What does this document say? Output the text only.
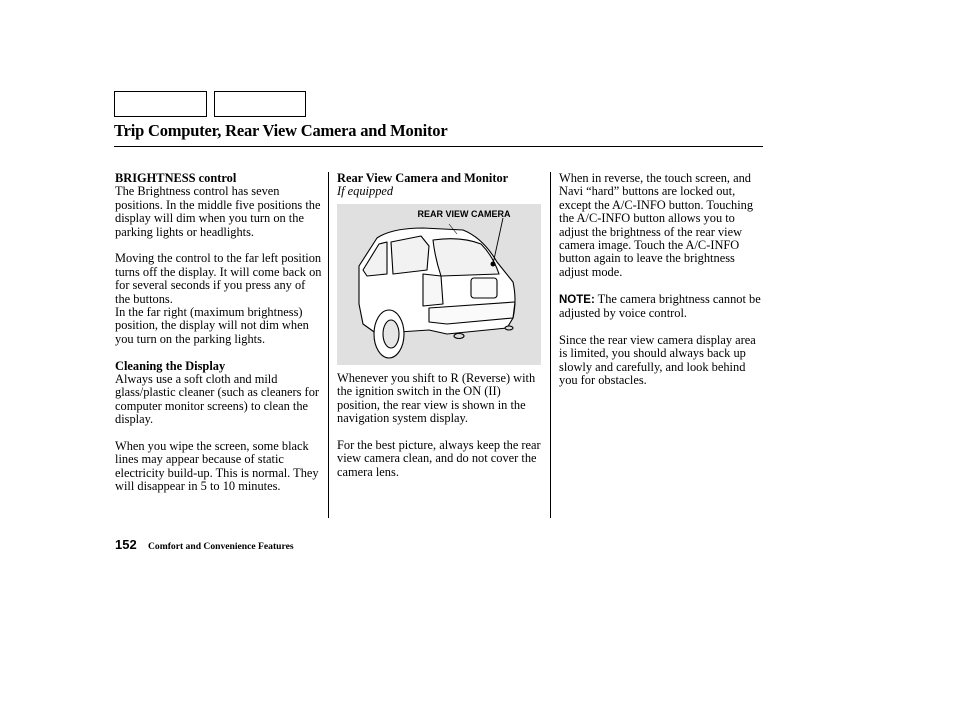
Trip Computer, Rear View Camera and Monitor

BRIGHTNESS control

The Brightness control has seven positions. In the middle five positions the display will dim when you turn on the parking lights or headlights.

Moving the control to the far left position turns off the display. It will come back on for several seconds if you press any of the buttons.

In the far right (maximum brightness) position, the display will not dim when you turn on the parking lights.

Cleaning the Display

Always use a soft cloth and mild glass/plastic cleaner (such as cleaners for computer monitor screens) to clean the display.

When you wipe the screen, some black lines may appear because of static electricity build-up. This is normal. They will disappear in 5 to 10 minutes.

Rear View Camera and Monitor

If equipped

REAR VIEW CAMERA

Whenever you shift to R (Reverse) with the ignition switch in the ON (II) position, the rear view is shown in the navigation system display.

For the best picture, always keep the rear view camera clean, and do not cover the camera lens.

When in reverse, the touch screen, and Navi “hard” buttons are locked out, except the A/C-INFO button. Touching the A/C-INFO button allows you to adjust the brightness of the rear view camera image. Touch the A/C-INFO button again to leave the brightness adjust mode.

NOTE: The camera brightness cannot be adjusted by voice control.

Since the rear view camera display area is limited, you should always back up slowly and carefully, and look behind you for obstacles.

152 Comfort and Convenience Features
